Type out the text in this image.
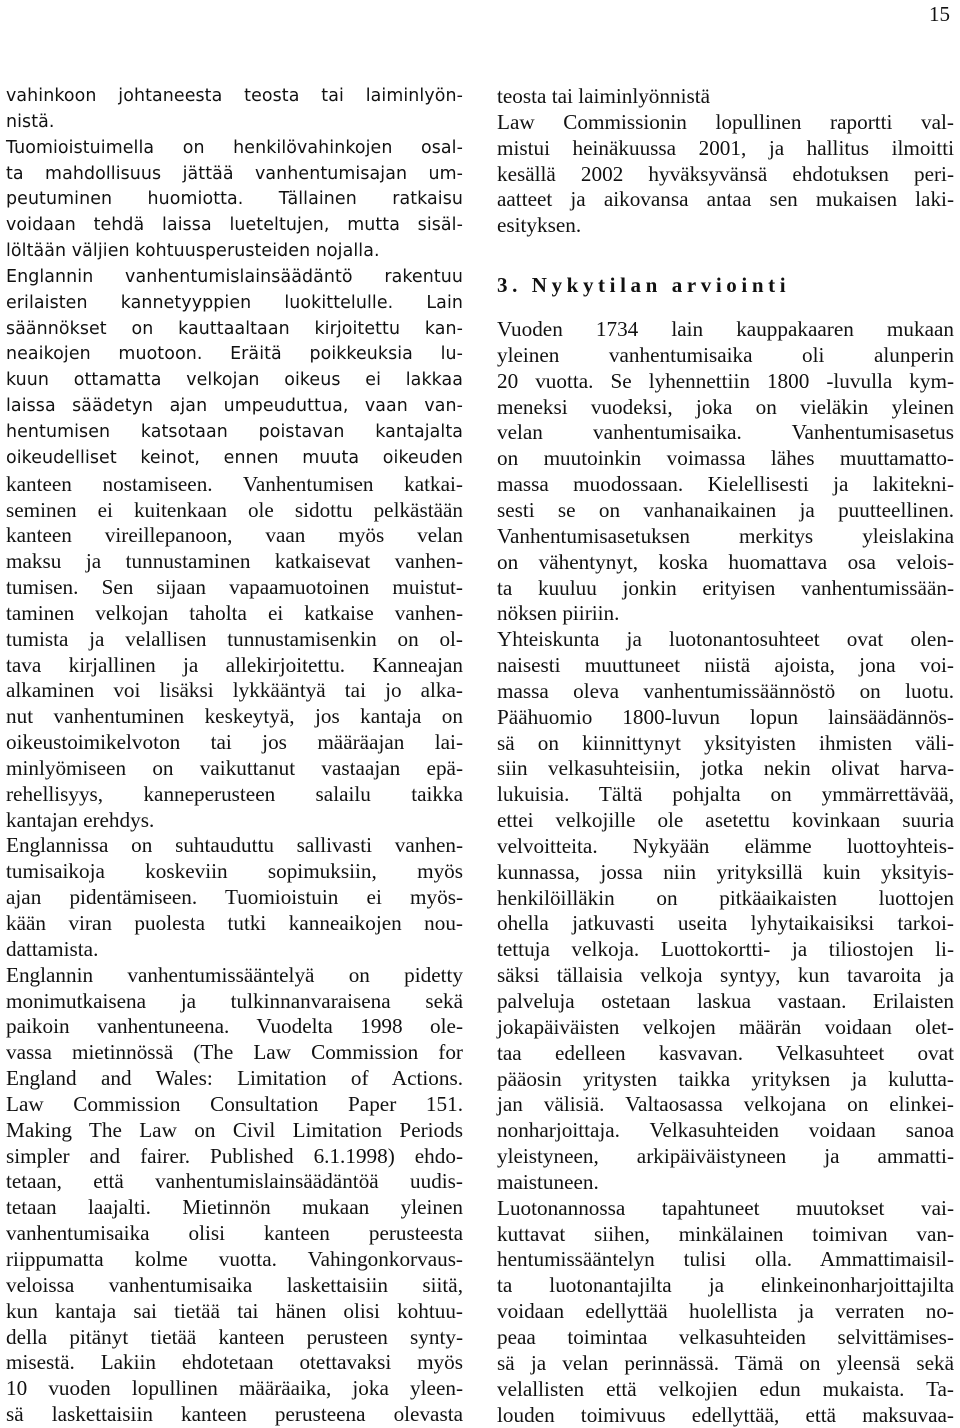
15
vahinkoon johtaneesta teosta tai laiminlyön-
nistä.
Tuomioistuimella on henkilövahinkojen osal-
ta mahdollisuus jättää vanhentumisajan um-
peutuminen huomiotta. Tällainen ratkaisu
voidaan tehdä laissa lueteltujen, mutta sisäl-
löltään väljien kohtuusperusteiden nojalla.
Englannin vanhentumislainsäädäntö rakentuu
erilaisten kannetyyppien luokittelulle. Lain
säännökset on kauttaaltaan kirjoitettu kan-
neaikojen muotoon. Eräitä poikkeuksia lu-
kuun ottamatta velkojan oikeus ei lakkaa
laissa säädetyn ajan umpeuduttua, vaan van-
hentumisen katsotaan poistavan kantajalta
oikeudelliset keinot, ennen muuta oikeuden
kanteen nostamiseen. Vanhentumisen katkai-
seminen ei kuitenkaan ole sidottu pelkästään
kanteen vireillepanoon, vaan myös velan
maksu ja tunnustaminen katkaisevat vanhen-
tumisen. Sen sijaan vapaamuotoinen muistut-
taminen velkojan taholta ei katkaise vanhen-
tumista ja velallisen tunnustamisenkin on ol-
tava kirjallinen ja allekirjoitettu. Kanneajan
alkaminen voi lisäksi lykkääntyä tai jo alka-
nut vanhentuminen keskeytyä, jos kantaja on
oikeustoimikelvoton tai jos määräajan lai-
minlyömiseen on vaikuttanut vastaajan epä-
rehellisyys, kanneperusteen salailu taikka
kantajan erehdys.
Englannissa on suhtauduttu sallivasti vanhen-
tumisaikoja koskeviin sopimuksiin, myös
ajan pidentämiseen. Tuomioistuin ei myös-
kään viran puolesta tutki kanneaikojen nou-
dattamista.
Englannin vanhentumissääntelyä on pidetty
monimutkaisena ja tulkinnanvaraisena sekä
paikoin vanhentuneena. Vuodelta 1998 ole-
vassa mietinnössä (The Law Commission for
England and Wales: Limitation of Actions.
Law Commission Consultation Paper 151.
Making The Law on Civil Limitation Periods
simpler and fairer. Published 6.1.1998) ehdo-
tetaan, että vanhentumislainsäädäntöä uudis-
tetaan laajalti. Mietinnön mukaan yleinen
vanhentumisaika olisi kanteen perusteesta
riippumatta kolme vuotta. Vahingonkorvaus-
veloissa vanhentumisaika laskettaisiin siitä,
kun kantaja sai tietää tai hänen olisi kohtuu-
della pitänyt tietää kanteen perusteen synty-
misestä. Lakiin ehdotetaan otettavaksi myös
10 vuoden lopullinen määräaika, joka yleen-
sä laskettaisiin kanteen perusteena olevasta
teosta tai laiminlyönnistä
Law Commissionin lopullinen raportti val-
mistui heinäkuussa 2001, ja hallitus ilmoitti
kesällä 2002 hyväksyvänsä ehdotuksen peri-
aatteet ja aikovansa antaa sen mukaisen laki-
esityksen.
3. Nykytilan arviointi
Vuoden 1734 lain kauppakaaren mukaan
yleinen vanhentumisaika oli alunperin
20 vuotta. Se lyhennettiin 1800 -luvulla kym-
meneksi vuodeksi, joka on vieläkin yleinen
velan vanhentumisaika. Vanhentumisasetus
on muutoinkin voimassa lähes muuttamatto-
massa muodossaan. Kielellisesti ja lakitekni-
sesti se on vanhanaikainen ja puutteellinen.
Vanhentumisasetuksen merkitys yleislakina
on vähentynyt, koska huomattava osa velois-
ta kuuluu jonkin erityisen vanhentumissään-
nöksen piiriin.
Yhteiskunta ja luotonantosuhteet ovat olen-
naisesti muuttuneet niistä ajoista, jona voi-
massa oleva vanhentumissäännöstö on luotu.
Päähuomio 1800-luvun lopun lainsäädännös-
sä on kiinnittynyt yksityisten ihmisten väli-
siin velkasuhteisiin, jotka nekin olivat harva-
lukuisia. Tältä pohjalta on ymmärrettävää,
ettei velkojille ole asetettu kovinkaan suuria
velvoitteita. Nykyään elämme luottoyhteis-
kunnassa, jossa niin yrityksillä kuin yksityis-
henkilöilläkin on pitkäaikaisten luottojen
ohella jatkuvasti useita lyhytaikaisiksi tarkoi-
tettuja velkoja. Luottokortti- ja tiliostojen li-
säksi tällaisia velkoja syntyy, kun tavaroita ja
palveluja ostetaan laskua vastaan. Erilaisten
jokapäiväisten velkojen määrän voidaan olet-
taa edelleen kasvavan. Velkasuhteet ovat
pääosin yritysten taikka yrityksen ja kulutta-
jan välisiä. Valtaosassa velkojana on elinkei-
nonharjoittaja. Velkasuhteiden voidaan sanoa
yleistyneen, arkipäiväistyneen ja ammatti-
maistuneen.
Luotonannossa tapahtuneet muutokset vai-
kuttavat siihen, minkälainen toimivan van-
hentumissääntelyn tulisi olla. Ammattimaisil-
ta luotonantajilta ja elinkeinonharjoittajilta
voidaan edellyttää huolellista ja verraten no-
peaa toimintaa velkasuhteiden selvittämises-
sä ja velan perinnässä. Tämä on yleensä sekä
velallisten että velkojien edun mukaista. Ta-
louden toimivuus edellyttää, että maksuvaa-
